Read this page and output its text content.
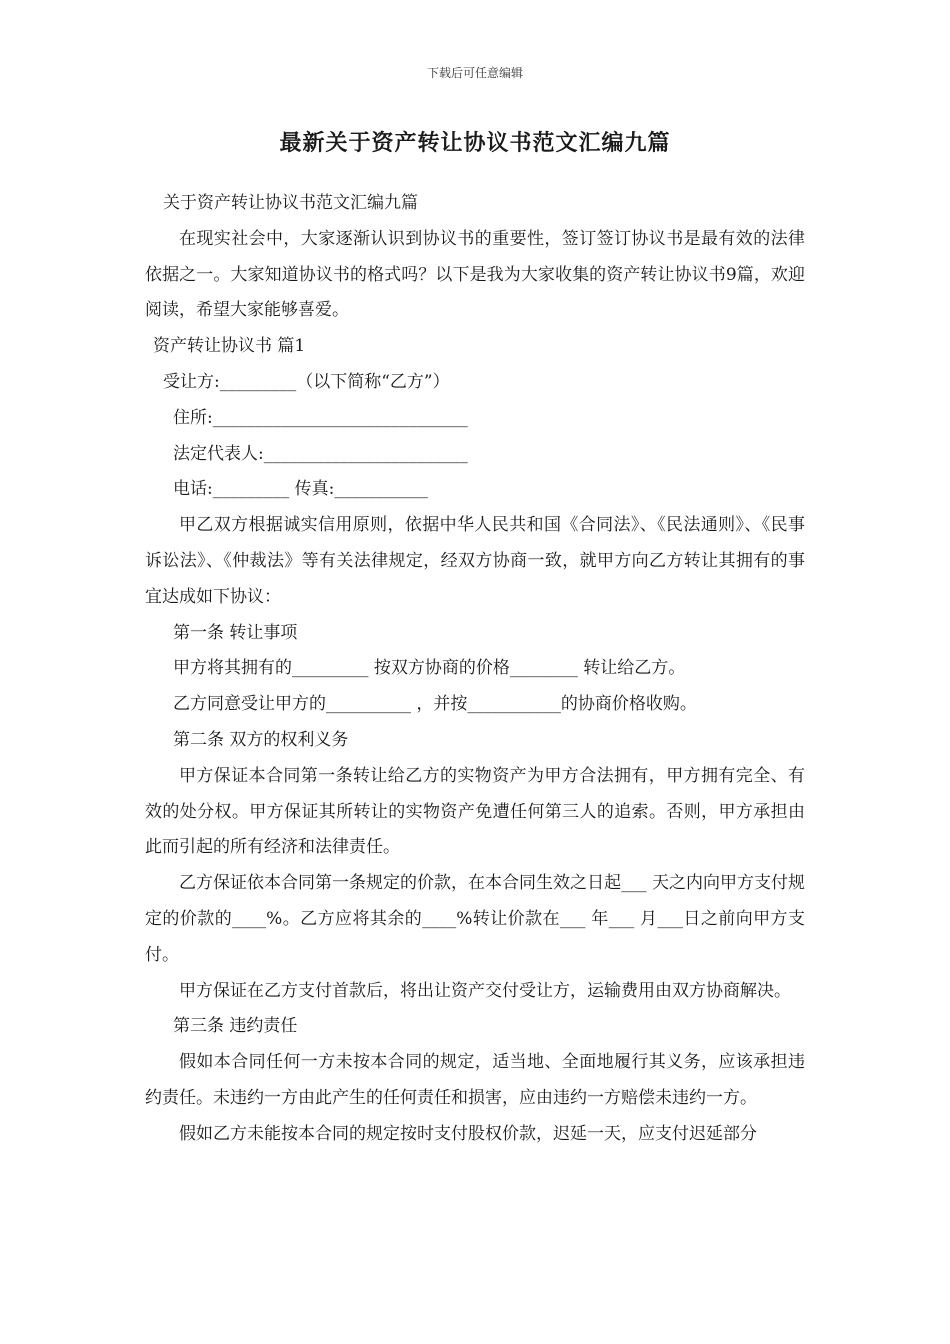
下载后可任意编辑
最新关于资产转让协议书范文汇编九篇

关于资产转让协议书范文汇编九篇

在现实社会中，大家逐渐认识到协议书的重要性，签订签订协议书是最有效的法律依据之一。大家知道协议书的格式吗？以下是我为大家收集的资产转让协议书9篇，欢迎阅读，希望大家能够喜爱。

资产转让协议书 篇1

受让方:_________（以下简称“乙方”）

住所:______________________________

法定代表人:________________________

电话:_________ 传真:___________

甲乙双方根据诚实信用原则，依据中华人民共和国《合同法》、《民法通则》、《民事诉讼法》、《仲裁法》等有关法律规定，经双方协商一致，就甲方向乙方转让其拥有的事宜达成如下协议：

第一条 转让事项

甲方将其拥有的_________ 按双方协商的价格________ 转让给乙方。

乙方同意受让甲方的__________ ，并按___________的协商价格收购。

第二条 双方的权利义务

甲方保证本合同第一条转让给乙方的实物资产为甲方合法拥有，甲方拥有完全、有效的处分权。甲方保证其所转让的实物资产免遭任何第三人的追索。否则，甲方承担由此而引起的所有经济和法律责任。

乙方保证依本合同第一条规定的价款，在本合同生效之日起___ 天之内向甲方支付规定的价款的____%。乙方应将其余的____%转让价款在___ 年___ 月___日之前向甲方支付。

甲方保证在乙方支付首款后，将出让资产交付受让方，运输费用由双方协商解决。

第三条 违约责任

假如本合同任何一方未按本合同的规定，适当地、全面地履行其义务，应该承担违约责任。未违约一方由此产生的任何责任和损害，应由违约一方赔偿未违约一方。

假如乙方未能按本合同的规定按时支付股权价款，迟延一天，应支付迟延部分
